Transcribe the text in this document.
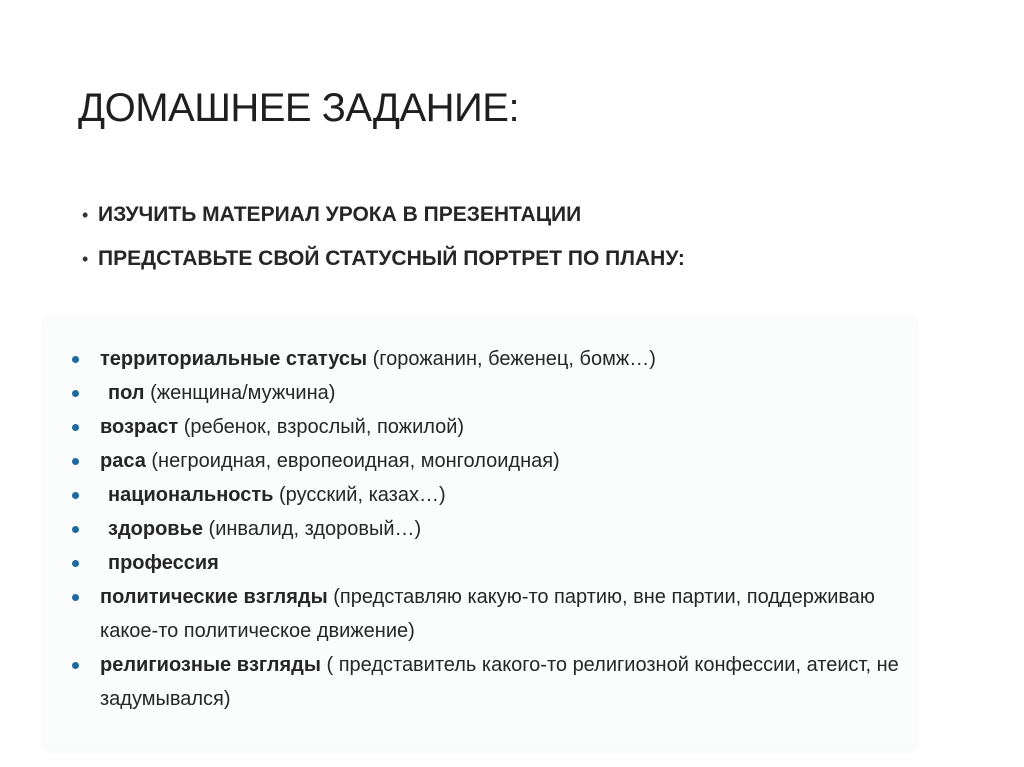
ДОМАШНЕЕ ЗАДАНИЕ:
• ИЗУЧИТЬ МАТЕРИАЛ УРОКА В ПРЕЗЕНТАЦИИ
• ПРЕДСТАВЬТЕ СВОЙ СТАТУСНЫЙ ПОРТРЕТ ПО ПЛАНУ:
территориальные статусы (горожанин, беженец, бомж…)
пол (женщина/мужчина)
возраст (ребенок, взрослый, пожилой)
раса (негроидная, европеоидная, монголоидная)
национальность (русский, казах…)
здоровье (инвалид, здоровый…)
профессия
политические взгляды (представляю какую-то партию, вне партии, поддерживаю какое-то политическое движение)
религиозные взгляды ( представитель какого-то религиозной конфессии, атеист, не задумывался)
